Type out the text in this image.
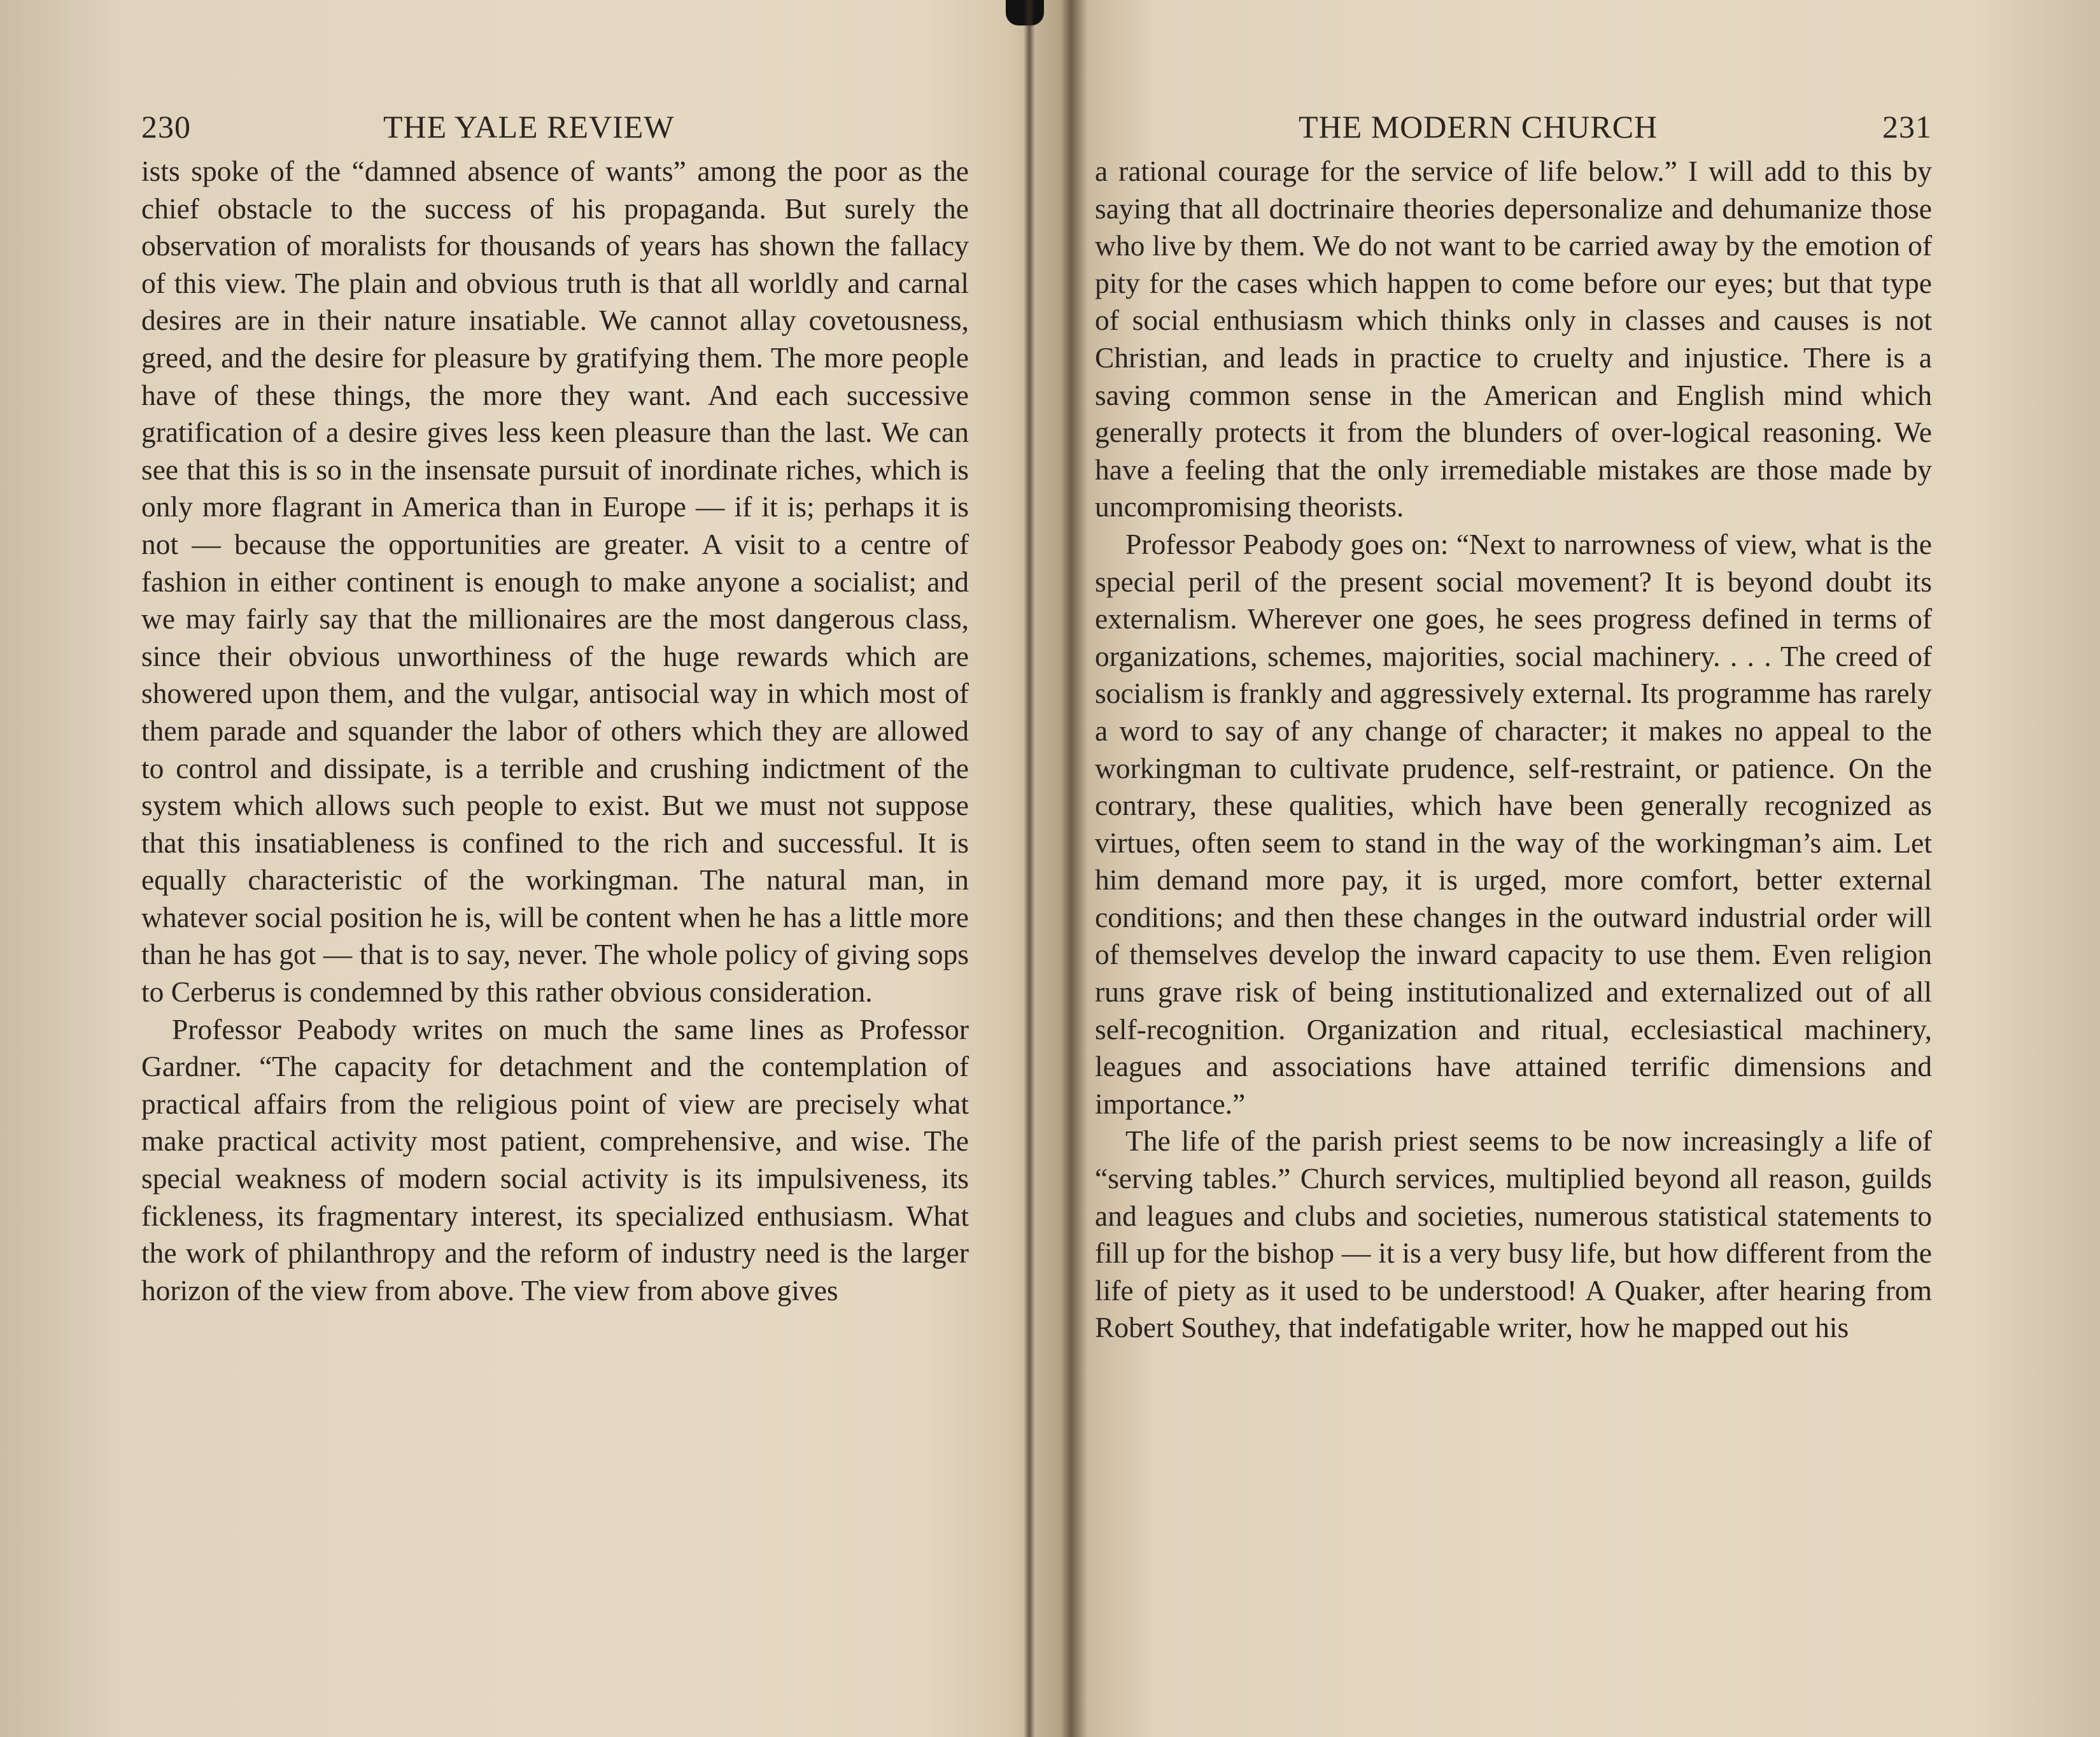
230	THE YALE REVIEW

ists spoke of the “damned absence of wants” among the poor as the chief obstacle to the success of his propaganda. But surely the observation of moralists for thousands of years has shown the fallacy of this view. The plain and obvious truth is that all worldly and carnal desires are in their nature insatiable. We cannot allay covetousness, greed, and the desire for pleasure by gratifying them. The more people have of these things, the more they want. And each successive gratification of a desire gives less keen pleasure than the last. We can see that this is so in the insensate pursuit of inordinate riches, which is only more flagrant in America than in Europe — if it is; perhaps it is not — because the opportunities are greater. A visit to a centre of fashion in either continent is enough to make anyone a socialist; and we may fairly say that the millionaires are the most dangerous class, since their obvious unworthiness of the huge rewards which are showered upon them, and the vulgar, antisocial way in which most of them parade and squander the labor of others which they are allowed to control and dissipate, is a terrible and crushing indictment of the system which allows such people to exist. But we must not suppose that this insatiableness is confined to the rich and successful. It is equally characteristic of the workingman. The natural man, in whatever social position he is, will be content when he has a little more than he has got — that is to say, never. The whole policy of giving sops to Cerberus is condemned by this rather obvious consideration.

Professor Peabody writes on much the same lines as Professor Gardner. “The capacity for detachment and the contemplation of practical affairs from the religious point of view are precisely what make practical activity most patient, comprehensive, and wise. The special weakness of modern social activity is its impulsiveness, its fickleness, its fragmentary interest, its specialized enthusiasm. What the work of philanthropy and the reform of industry need is the larger horizon of the view from above. The view from above gives

THE MODERN CHURCH	231

a rational courage for the service of life below.” I will add to this by saying that all doctrinaire theories depersonalize and dehumanize those who live by them. We do not want to be carried away by the emotion of pity for the cases which happen to come before our eyes; but that type of social enthusiasm which thinks only in classes and causes is not Christian, and leads in practice to cruelty and injustice. There is a saving common sense in the American and English mind which generally protects it from the blunders of over-logical reasoning. We have a feeling that the only irremediable mistakes are those made by uncompromising theorists.

Professor Peabody goes on: “Next to narrowness of view, what is the special peril of the present social movement? It is beyond doubt its externalism. Wherever one goes, he sees progress defined in terms of organizations, schemes, majorities, social machinery. . . . The creed of socialism is frankly and aggressively external. Its programme has rarely a word to say of any change of character; it makes no appeal to the workingman to cultivate prudence, self-restraint, or patience. On the contrary, these qualities, which have been generally recognized as virtues, often seem to stand in the way of the workingman’s aim. Let him demand more pay, it is urged, more comfort, better external conditions; and then these changes in the outward industrial order will of themselves develop the inward capacity to use them. Even religion runs grave risk of being institutionalized and externalized out of all self-recognition. Organization and ritual, ecclesiastical machinery, leagues and associations have attained terrific dimensions and importance.”

The life of the parish priest seems to be now increasingly a life of “serving tables.” Church services, multiplied beyond all reason, guilds and leagues and clubs and societies, numerous statistical statements to fill up for the bishop — it is a very busy life, but how different from the life of piety as it used to be understood! A Quaker, after hearing from Robert Southey, that indefatigable writer, how he mapped out his
